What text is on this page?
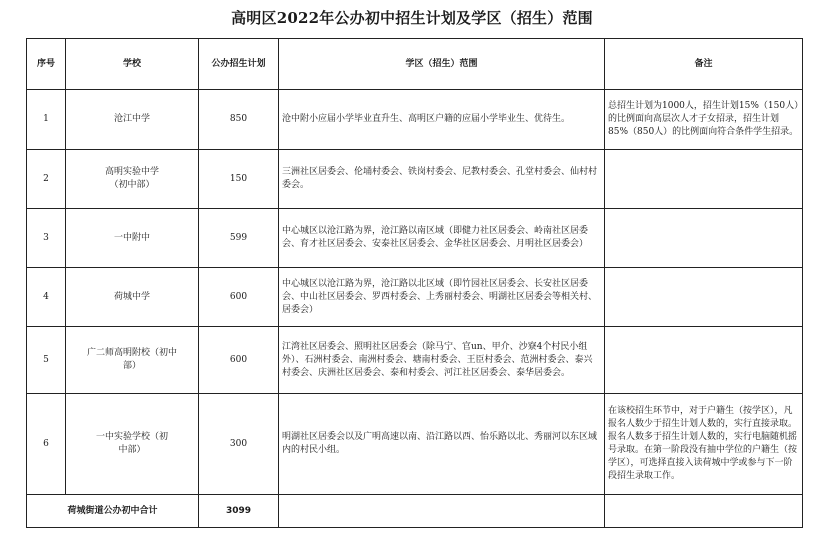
高明区2022年公办初中招生计划及学区（招生）范围
序号	学校	公办招生计划	学区（招生）范围	备注
1	沧江中学	850	沧中附小应届小学毕业直升生、高明区户籍的应届小学毕业生、优待生。	总招生计划为1000人，招生计划15%（150人）的比例面向高层次人才子女招录，招生计划85%（850人）的比例面向符合条件学生招录。
2	高明实验中学（初中部）	150	三洲社区居委会、伦埇村委会、铁岗村委会、尼教村委会、孔堂村委会、仙村村委会。	
3	一中附中	599	中心城区以沧江路为界，沧江路以南区域（即健力社区居委会、岭南社区居委会、育才社区居委会、安泰社区居委会、金华社区居委会、月明社区居委会）	
4	荷城中学	600	中心城区以沧江路为界，沧江路以北区域（即竹园社区居委会、长安社区居委会、中山社区居委会、罗西村委会、上秀丽村委会、明湖社区居委会等相关村、居委会）	
5	广二师高明附校（初中部）	600	江湾社区居委会、照明社区居委会（除马宁、官un、甲介、沙寮4个村民小组外）、石洲村委会、南洲村委会、塘南村委会、王臣村委会、范洲村委会、泰兴村委会、庆洲社区居委会、泰和村委会、河江社区居委会、泰华居委会。	
6	一中实验学校（初中部）	300	明湖社区居委会以及广明高速以南、沿江路以西、怡乐路以北、秀丽河以东区域内的村民小组。	在该校招生环节中，对于户籍生（按学区），凡报名人数少于招生计划人数的，实行直接录取。报名人数多于招生计划人数的，实行电脑随机摇号录取。在第一阶段没有抽中学位的户籍生（按学区），可选择直接入读荷城中学或参与下一阶段招生录取工作。
荷城街道公办初中合计		3099		
